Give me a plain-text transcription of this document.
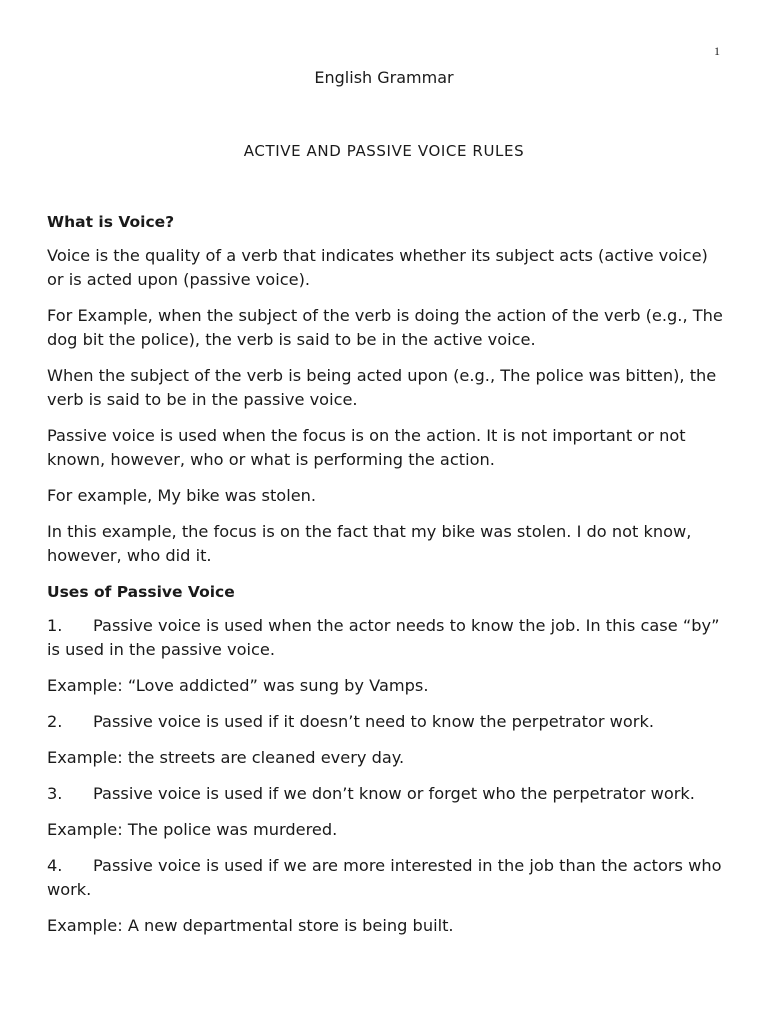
1
English Grammar
ACTIVE AND PASSIVE VOICE RULES
What is Voice?

Voice is the quality of a verb that indicates whether its subject acts (active voice) or is acted upon (passive voice).

For Example, when the subject of the verb is doing the action of the verb (e.g., The dog bit the police), the verb is said to be in the active voice.

When the subject of the verb is being acted upon (e.g., The police was bitten), the verb is said to be in the passive voice.

Passive voice is used when the focus is on the action. It is not important or not known, however, who or what is performing the action.

For example, My bike was stolen.

In this example, the focus is on the fact that my bike was stolen. I do not know, however, who did it.

Uses of Passive Voice

1. Passive voice is used when the actor needs to know the job. In this case “by” is used in the passive voice.

Example: “Love addicted” was sung by Vamps.

2. Passive voice is used if it doesn’t need to know the perpetrator work.

Example: the streets are cleaned every day.

3. Passive voice is used if we don’t know or forget who the perpetrator work.

Example: The police was murdered.

4. Passive voice is used if we are more interested in the job than the actors who work.

Example: A new departmental store is being built.
